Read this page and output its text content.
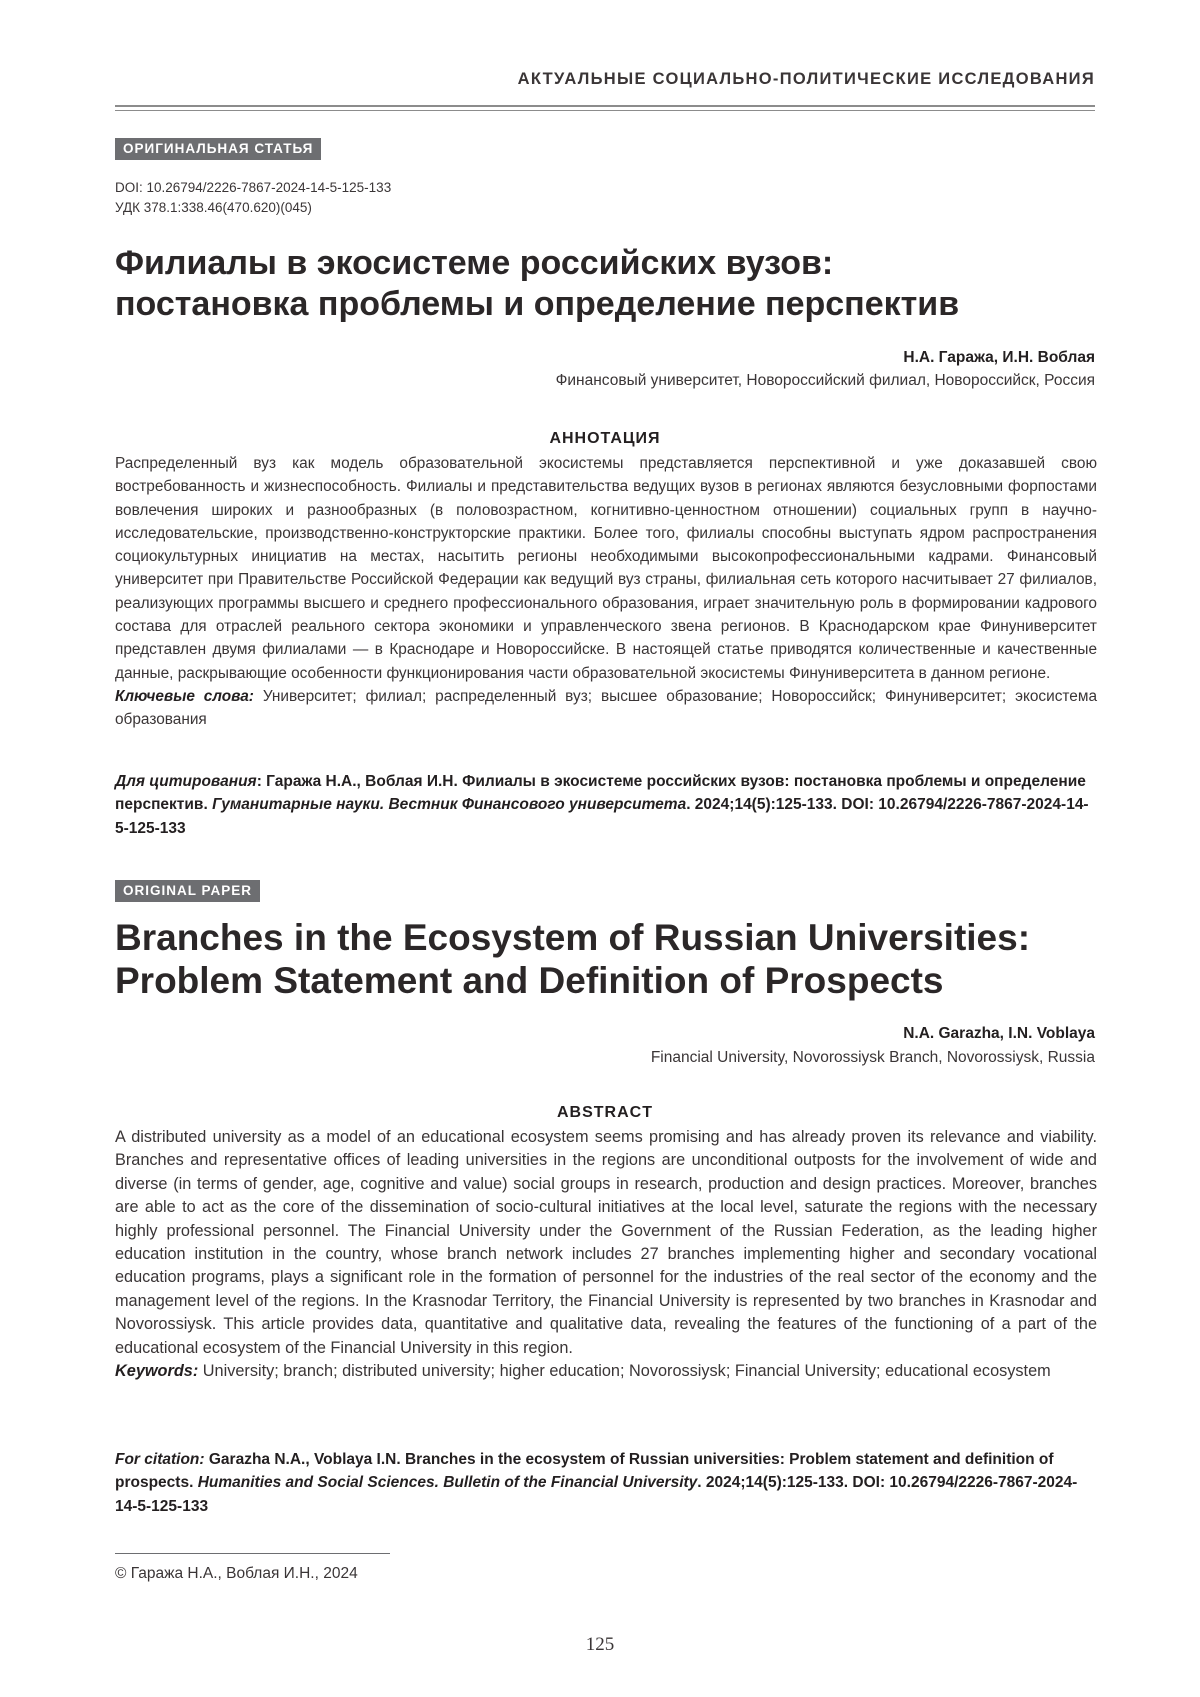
АКТУАЛЬНЫЕ СОЦИАЛЬНО-ПОЛИТИЧЕСКИЕ ИССЛЕДОВАНИЯ
ОРИГИНАЛЬНАЯ СТАТЬЯ
DOI: 10.26794/2226-7867-2024-14-5-125-133
УДК 378.1:338.46(470.620)(045)
Филиалы в экосистеме российских вузов:
постановка проблемы и определение перспектив
Н.А. Гаража, И.Н. Воблая
Финансовый университет, Новороссийский филиал, Новороссийск, Россия
АННОТАЦИЯ
Распределенный вуз как модель образовательной экосистемы представляется перспективной и уже доказавшей свою востребованность и жизнеспособность. Филиалы и представительства ведущих вузов в регионах являются безусловными форпостами вовлечения широких и разнообразных (в половозрастном, когнитивно-ценностном отношении) социальных групп в научно-исследовательские, производственно-конструкторские практики. Более того, филиалы способны выступать ядром распространения социокультурных инициатив на местах, насытить регионы необходимыми высокопрофессиональными кадрами. Финансовый университет при Правительстве Российской Федерации как ведущий вуз страны, филиальная сеть которого насчитывает 27 филиалов, реализующих программы высшего и среднего профессионального образования, играет значительную роль в формировании кадрового состава для отраслей реального сектора экономики и управленческого звена регионов. В Краснодарском крае Финуниверситет представлен двумя филиалами — в Краснодаре и Новороссийске. В настоящей статье приводятся количественные и качественные данные, раскрывающие особенности функционирования части образовательной экосистемы Финуниверситета в данном регионе.
Ключевые слова: Университет; филиал; распределенный вуз; высшее образование; Новороссийск; Финуниверситет; экосистема образования
Для цитирования: Гаража Н.А., Воблая И.Н. Филиалы в экосистеме российских вузов: постановка проблемы и определение перспектив. Гуманитарные науки. Вестник Финансового университета. 2024;14(5):125-133. DOI: 10.26794/2226-7867-2024-14-5-125-133
ORIGINAL PAPER
Branches in the Ecosystem of Russian Universities:
Problem Statement and Definition of Prospects
N.A. Garazha, I.N. Voblaya
Financial University, Novorossiysk Branch, Novorossiysk, Russia
ABSTRACT
A distributed university as a model of an educational ecosystem seems promising and has already proven its relevance and viability. Branches and representative offices of leading universities in the regions are unconditional outposts for the involvement of wide and diverse (in terms of gender, age, cognitive and value) social groups in research, production and design practices. Moreover, branches are able to act as the core of the dissemination of socio-cultural initiatives at the local level, saturate the regions with the necessary highly professional personnel. The Financial University under the Government of the Russian Federation, as the leading higher education institution in the country, whose branch network includes 27 branches implementing higher and secondary vocational education programs, plays a significant role in the formation of personnel for the industries of the real sector of the economy and the management level of the regions. In the Krasnodar Territory, the Financial University is represented by two branches in Krasnodar and Novorossiysk. This article provides data, quantitative and qualitative data, revealing the features of the functioning of a part of the educational ecosystem of the Financial University in this region.
Keywords: University; branch; distributed university; higher education; Novorossiysk; Financial University; educational ecosystem
For citation: Garazha N.A., Voblaya I.N. Branches in the ecosystem of Russian universities: Problem statement and definition of prospects. Humanities and Social Sciences. Bulletin of the Financial University. 2024;14(5):125-133. DOI: 10.26794/2226-7867-2024-14-5-125-133
© Гаража Н.А., Воблая И.Н., 2024
125
